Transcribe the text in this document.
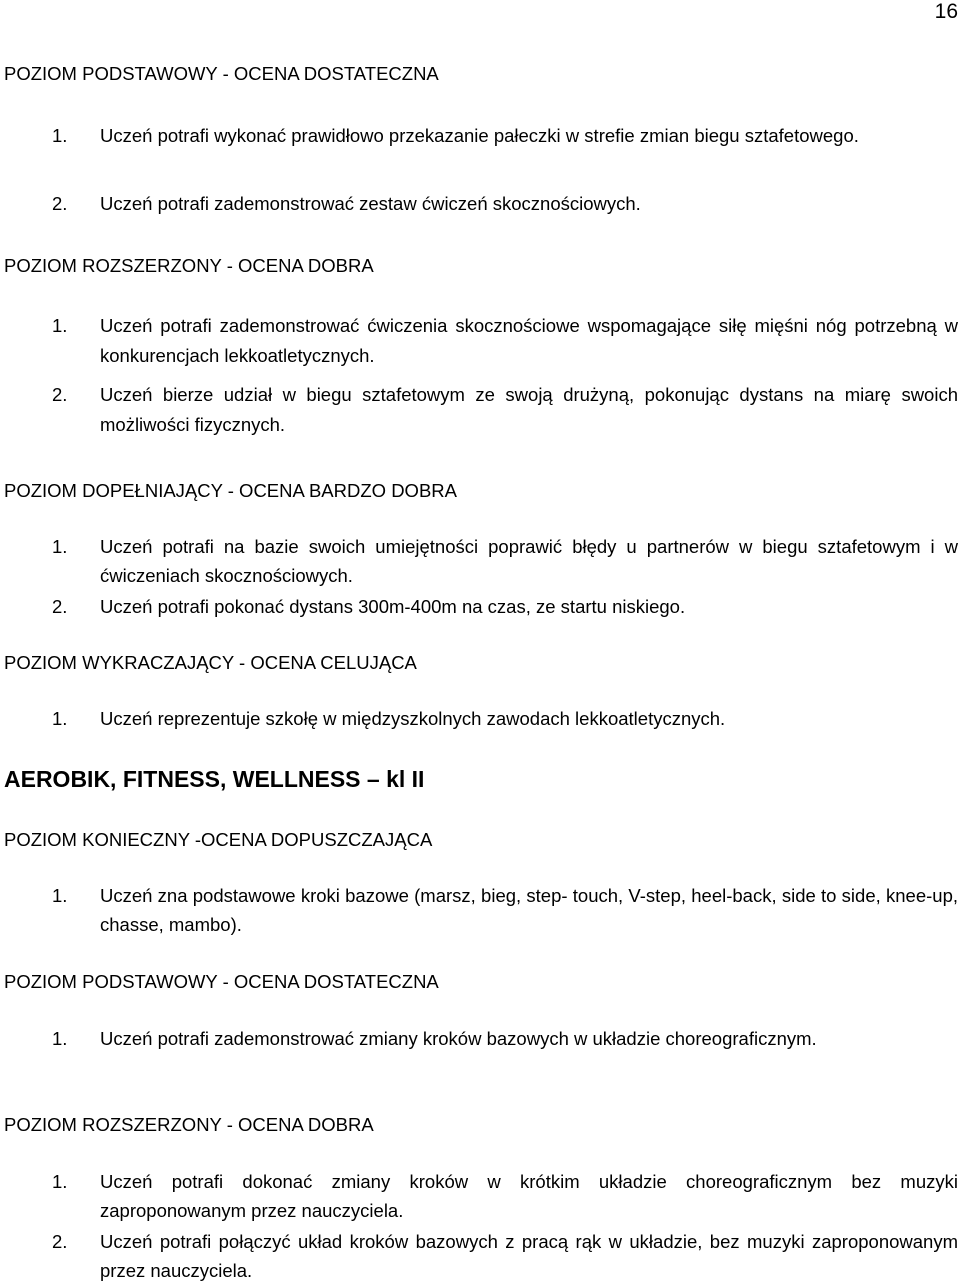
16
POZIOM PODSTAWOWY - OCENA DOSTATECZNA
1. Uczeń potrafi wykonać prawidłowo przekazanie pałeczki w strefie zmian biegu sztafetowego.
2. Uczeń potrafi zademonstrować zestaw ćwiczeń skocznościowych.
POZIOM ROZSZERZONY - OCENA DOBRA
1. Uczeń potrafi zademonstrować ćwiczenia skocznościowe wspomagające siłę mięśni nóg potrzebną w konkurencjach lekkoatletycznych.
2. Uczeń bierze udział w biegu sztafetowym ze swoją drużyną, pokonując dystans na miarę swoich możliwości fizycznych.
POZIOM DOPEŁNIAJĄCY - OCENA BARDZO DOBRA
1. Uczeń potrafi na bazie swoich umiejętności poprawić błędy u partnerów w biegu sztafetowym i w ćwiczeniach skocznościowych.
2. Uczeń potrafi pokonać dystans 300m-400m na czas, ze startu niskiego.
POZIOM WYKRACZAJĄCY - OCENA CELUJĄCA
1. Uczeń reprezentuje szkołę w międzyszkolnych zawodach lekkoatletycznych.
AEROBIK, FITNESS, WELLNESS – kl II
POZIOM KONIECZNY -OCENA DOPUSZCZAJĄCA
1. Uczeń zna podstawowe kroki bazowe (marsz, bieg, step- touch, V-step, heel-back, side to side, knee-up, chasse, mambo).
POZIOM PODSTAWOWY - OCENA DOSTATECZNA
1. Uczeń potrafi zademonstrować zmiany kroków bazowych w układzie choreograficznym.
POZIOM ROZSZERZONY - OCENA DOBRA
1. Uczeń potrafi dokonać zmiany kroków w krótkim układzie choreograficznym bez muzyki zaproponowanym przez nauczyciela.
2. Uczeń potrafi połączyć układ kroków bazowych z pracą rąk w układzie, bez muzyki zaproponowanym przez nauczyciela.
